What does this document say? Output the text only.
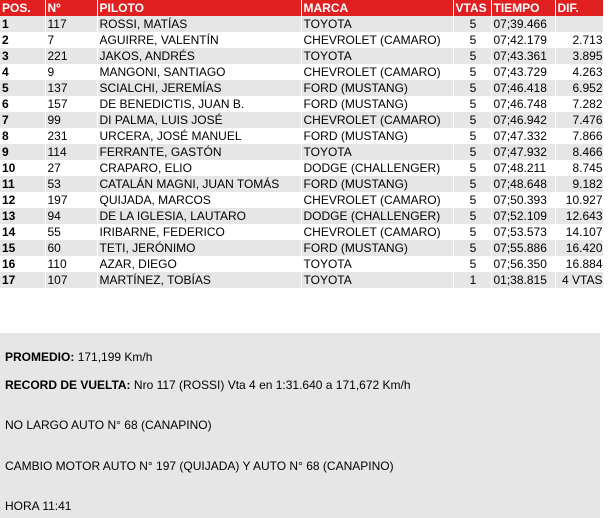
POS.	Nº	PILOTO	MARCA	VTAS	TIEMPO	DIF.
1	117	ROSSI, MATÍAS	TOYOTA	5	07;39.466	
2	7	AGUIRRE, VALENTÍN	CHEVROLET (CAMARO)	5	07;42.179	2.713
3	221	JAKOS, ANDRÉS	TOYOTA	5	07;43.361	3.895
4	9	MANGONI, SANTIAGO	CHEVROLET (CAMARO)	5	07;43.729	4.263
5	137	SCIALCHI, JEREMÍAS	FORD (MUSTANG)	5	07;46.418	6.952
6	157	DE BENEDICTIS, JUAN B.	FORD (MUSTANG)	5	07;46.748	7.282
7	99	DI PALMA, LUIS JOSÉ	CHEVROLET (CAMARO)	5	07;46.942	7.476
8	231	URCERA, JOSÉ MANUEL	FORD (MUSTANG)	5	07;47.332	7.866
9	114	FERRANTE, GASTÓN	TOYOTA	5	07;47.932	8.466
10	27	CRAPARO, ELIO	DODGE (CHALLENGER)	5	07;48.211	8.745
11	53	CATALÁN MAGNI, JUAN TOMÁS	FORD (MUSTANG)	5	07;48.648	9.182
12	197	QUIJADA, MARCOS	CHEVROLET (CAMARO)	5	07;50.393	10.927
13	94	DE LA IGLESIA, LAUTARO	DODGE (CHALLENGER)	5	07;52.109	12.643
14	55	IRIBARNE, FEDERICO	CHEVROLET (CAMARO)	5	07;53.573	14.107
15	60	TETI, JERÓNIMO	FORD (MUSTANG)	5	07;55.886	16.420
16	110	AZAR, DIEGO	TOYOTA	5	07;56.350	16.884
17	107	MARTÍNEZ, TOBÍAS	TOYOTA	1	01;38.815	4 VTAS
PROMEDIO: 171,199 Km/h
RECORD DE VUELTA: Nro 117 (ROSSI) Vta 4 en 1:31.640 a 171,672 Km/h
NO LARGO AUTO N° 68 (CANAPINO)
CAMBIO MOTOR AUTO N° 197 (QUIJADA) Y AUTO N° 68 (CANAPINO)
HORA 11:41
